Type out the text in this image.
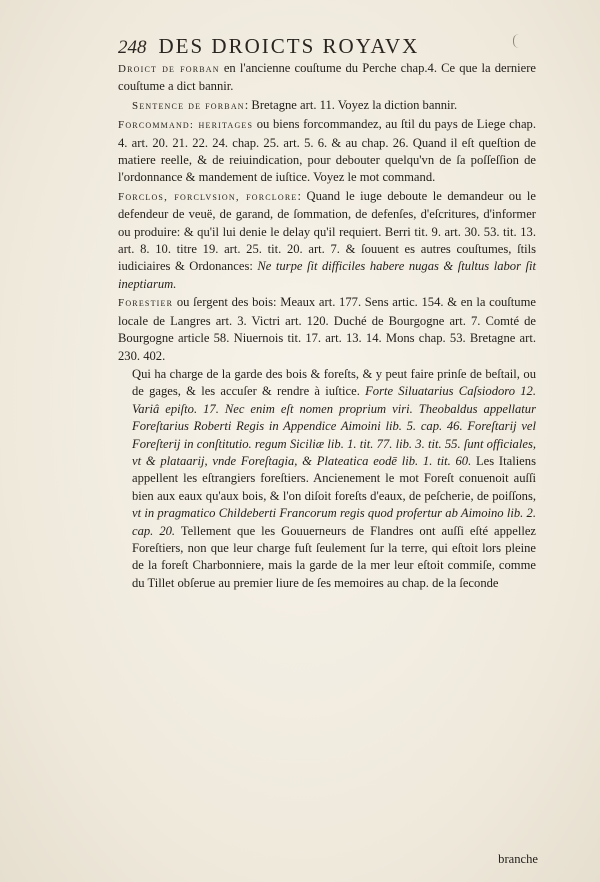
248 DES DROICTS ROYAVX

Droict de forban en l'ancienne couſtume du Perche chap.4. Ce que la derniere couſtume a dict bannir.

Sentence de forban: Bretagne art. 11. Voyez la diction bannir.

Forcommand: heritages ou biens forcommandez, au ſtil du pays de Liege chap. 4. art. 20. 21. 22. 24. chap. 25. art. 5. 6. & au chap. 26. Quand il eſt queſtion de matiere reelle, & de reiuindication, pour debouter quelqu'vn de ſa poſſeſſion de l'ordonnance & mandement de iuſtice. Voyez le mot command.

Forclos, forclvsion, forclore: Quand le iuge deboute le demandeur ou le defendeur de veuë, de garand, de ſommation, de defenſes, d'eſcritures, d'informer ou produire: & qu'il lui denie le delay qu'il requiert. Berri tit. 9. art. 30. 53. tit. 13. art. 8. 10. titre 19. art. 25. tit. 20. art. 7. & ſouuent es autres couſtumes, ſtils iudiciaires & Ordonances: Ne turpe ſit difficiles habere nugas & ſtultus labor ſit ineptiarum.

Forestier ou ſergent des bois: Meaux art. 177. Sens artic. 154. & en la couſtume locale de Langres art. 3. Victri art. 120. Duché de Bourgogne art. 7. Comté de Bourgogne article 58. Niuernois tit. 17. art. 13. 14. Mons chap. 53. Bretagne art. 230. 402.

Qui ha charge de la garde des bois & foreſts, & y peut faire prinſe de beſtail, ou de gages, & les accuſer & rendre à iuſtice. Forte Siluatarius Caſsiodoro 12. Variâ epiſto. 17. Nec enim eſt nomen proprium viri. Theobaldus appellatur Foreſtarius Roberti Regis in Appendice Aimoini lib. 5. cap. 46. Foreſtarij vel Foreſterij in conſtitutio. regum Siciliæ lib. 1. tit. 77. lib. 3. tit. 55. ſunt officiales, vt & plataarij, vnde Foreſtagia, & Plateatica eodē lib. 1. tit. 60. Les Italiens appellent les eſtrangiers foreſtiers. Ancienement le mot Foreſt conuenoit auſſi bien aux eaux qu'aux bois, & l'on diſoit foreſts d'eaux, de peſcherie, de poiſſons, vt in pragmatico Childeberti Francorum regis quod profertur ab Aimoino lib. 2. cap. 20. Tellement que les Gouuerneurs de Flandres ont auſſi eſté appellez Foreſtiers, non que leur charge fuſt ſeulement ſur la terre, qui eſtoit lors pleine de la foreſt Charbonniere, mais la garde de la mer leur eſtoit commiſe, comme du Tillet obſerue au premier liure de ſes memoires au chap. de la ſeconde

branche
